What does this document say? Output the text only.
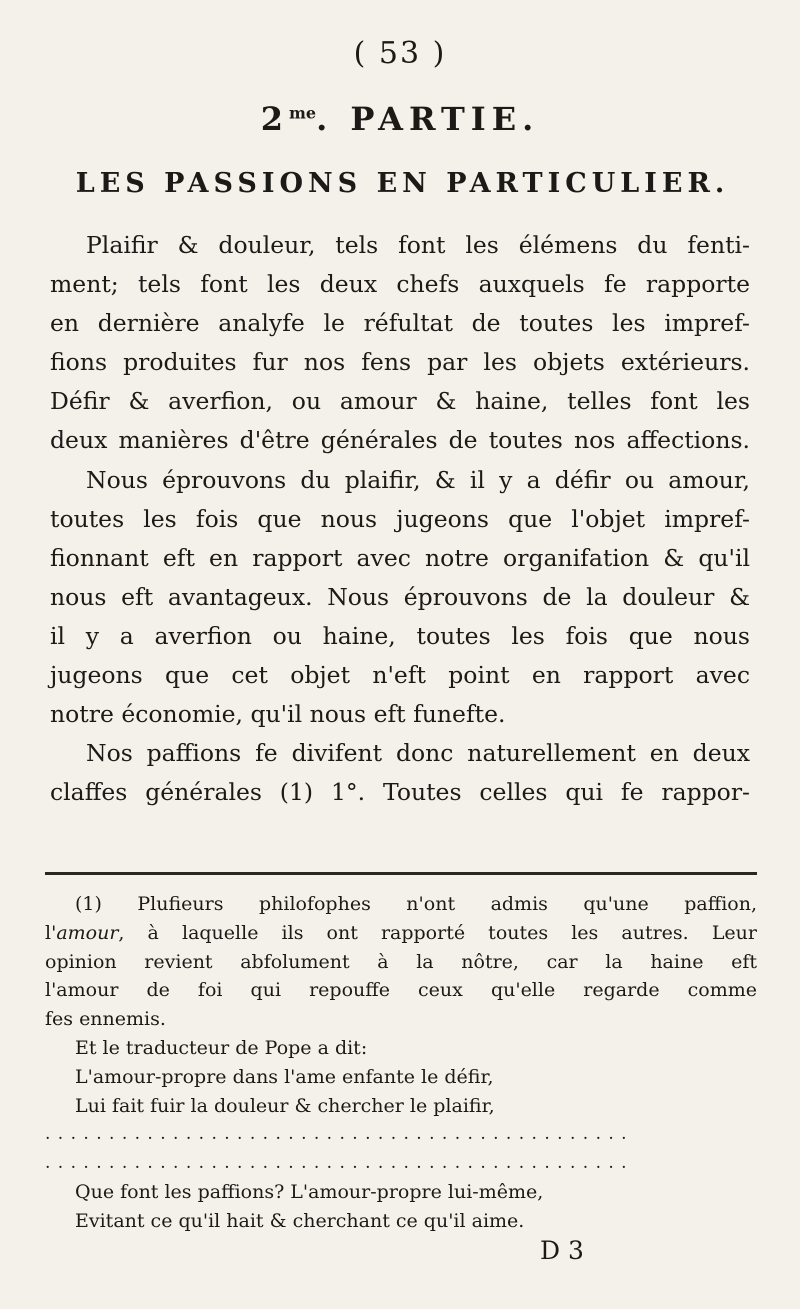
( 53 )
$2^{me}$. PARTIE.
LES PASSIONS EN PARTICULIER.
Plaifir & douleur, tels font les élémens du fenti-
ment; tels font les deux chefs auxquels fe rapporte
en dernière analyfe le réfultat de toutes les impref-
fions produites fur nos fens par les objets extérieurs.
Défir & averfion, ou amour & haine, telles font les
deux manières d'être générales de toutes nos affections.
Nous éprouvons du plaifir, & il y a défir ou amour,
toutes les fois que nous jugeons que l'objet impref-
fionnant eft en rapport avec notre organifation & qu'il
nous eft avantageux. Nous éprouvons de la douleur &
il y a averfion ou haine, toutes les fois que nous
jugeons que cet objet n'eft point en rapport avec
notre économie, qu'il nous eft funefte.
Nos paffions fe divifent donc naturellement en deux
claffes générales (1) 1°. Toutes celles qui fe rappor-
(1) Plufieurs philofophes n'ont admis qu'une paffion,
l'amour, à laquelle ils ont rapporté toutes les autres. Leur
opinion revient abfolument à la nôtre, car la haine eft
l'amour de foi qui repouffe ceux qu'elle regarde comme
fes ennemis.
Et le traducteur de Pope a dit:
L'amour-propre dans l'ame enfante le défir,
Lui fait fuir la douleur & chercher le plaifir,
..............................................
..............................................
Que font les paffions? L'amour-propre lui-même,
Evitant ce qu'il hait & cherchant ce qu'il aime.
D 3
